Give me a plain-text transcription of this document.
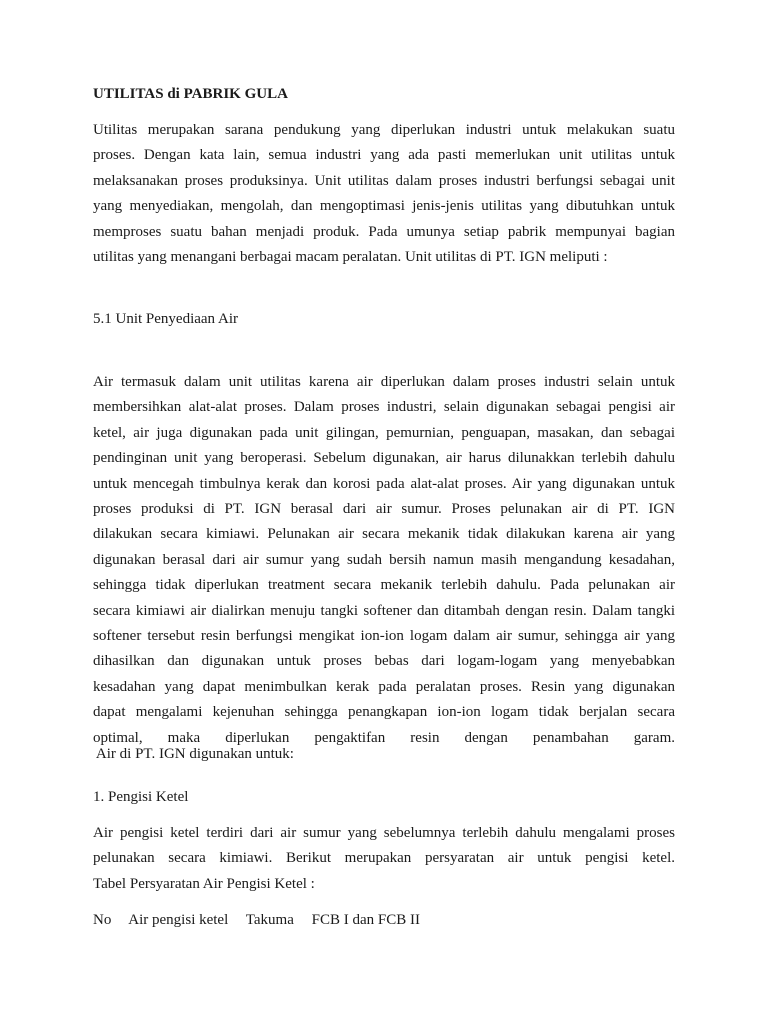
UTILITAS di PABRIK GULA

Utilitas merupakan sarana pendukung yang diperlukan industri untuk melakukan suatu
proses. Dengan kata lain, semua industri yang ada pasti memerlukan unit utilitas untuk
melaksanakan proses produksinya. Unit utilitas dalam proses industri berfungsi sebagai unit
yang menyediakan, mengolah, dan mengoptimasi jenis-jenis utilitas yang dibutuhkan untuk
memproses suatu bahan menjadi produk. Pada umunya setiap pabrik mempunyai bagian
utilitas yang menangani berbagai macam peralatan. Unit utilitas di PT. IGN meliputi :

5.1 Unit Penyediaan Air

Air termasuk dalam unit utilitas karena air diperlukan dalam proses industri selain untuk
membersihkan alat-alat proses. Dalam proses industri, selain digunakan sebagai pengisi air
ketel, air juga digunakan pada unit gilingan, pemurnian, penguapan, masakan, dan sebagai
pendinginan unit yang beroperasi. Sebelum digunakan, air harus dilunakkan terlebih dahulu
untuk mencegah timbulnya kerak dan korosi pada alat-alat proses. Air yang digunakan untuk
proses produksi di PT. IGN berasal dari air sumur. Proses pelunakan air di PT. IGN
dilakukan secara kimiawi. Pelunakan air secara mekanik tidak dilakukan karena air yang
digunakan berasal dari air sumur yang sudah bersih namun masih mengandung kesadahan,
sehingga tidak diperlukan treatment secara mekanik terlebih dahulu. Pada pelunakan air
secara kimiawi air dialirkan menuju tangki softener dan ditambah dengan resin. Dalam tangki
softener tersebut resin berfungsi mengikat ion-ion logam dalam air sumur, sehingga air yang
dihasilkan dan digunakan untuk proses bebas dari logam-logam yang menyebabkan
kesadahan yang dapat menimbulkan kerak pada peralatan proses. Resin yang digunakan
dapat mengalami kejenuhan sehingga penangkapan ion-ion logam tidak berjalan secara
optimal, maka diperlukan pengaktifan resin dengan penambahan garam.

Air di PT. IGN digunakan untuk:
1. Pengisi Ketel

Air pengisi ketel terdiri dari air sumur yang sebelumnya terlebih dahulu mengalami proses
pelunakan secara kimiawi. Berikut merupakan persyaratan air untuk pengisi ketel.
Tabel Persyaratan Air Pengisi Ketel :

No Air pengisi ketel Takuma FCB I dan FCB II
